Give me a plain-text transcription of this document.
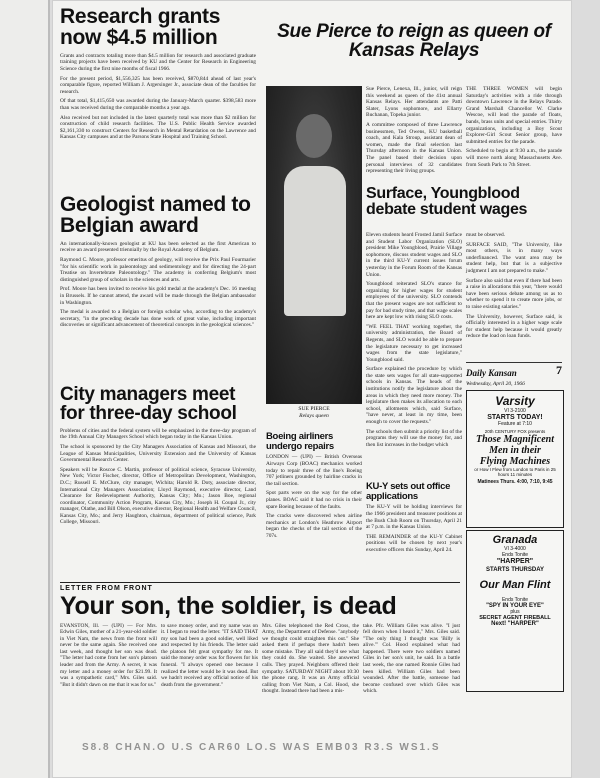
Research grants now $4.5 million

Grants and contracts totaling more than $4.5 million for research and associated graduate training projects have been received by KU and the Center for Research in Engineering Science during the first nine months of fiscal 1966.

For the present period, $1,556,325 has been received, $870,844 ahead of last year's comparable figure, reported William J. Argersinger Jr., associate dean of the faculties for research.

Of that total, $1,415,650 was awarded during the January-March quarter. $398,583 more than was received during the comparable months a year ago.

Also received but not included in the latest quarterly total was more than $2 million for construction of child research facilities. The U.S. Public Health Service awarded $2,161,330 to construct Centers for Research in Mental Retardation on the Lawrence and Kansas City campuses and at the Parsons State Hospital and Training School.

Geologist named to Belgian award

An internationally-known geologist at KU has been selected as the first American to receive an award presented triennially by the Royal Academy of Belgium.

Raymond C. Moore, professor emeritus of geology, will receive the Prix Paul Fourmarier "for his scientific work in paleontology and sedimentology and for directing the 24-part Treatise on Invertebrate Paleontology." The academy is conferring Belgium's most distinguished group of scholars in the sciences and arts.

Prof. Moore has been invited to receive his gold medal at the academy's Dec. 16 meeting in Brussels. If he cannot attend, the award will be made through the Belgian ambassador in Washington.

The medal is awarded to a Belgian or foreign scholar who, according to the academy's secretary, "in the preceding decade has done work of great value, including important discoveries or significant advancement of theoretical concepts in the geological sciences."

City managers meet for three-day school

Problems of cities and the federal system will be emphasized in the three-day program of the 19th Annual City Managers School which began today in the Kansas Union.

The school is sponsored by the City Managers Association of Kansas and Missouri, the League of Kansas Municipalities, University Extension and the University of Kansas Governmental Research Center.

Speakers will be Roscoe C. Martin, professor of political science, Syracuse University, New York; Victor Fischer, director, Office of Metropolitan Development, Washington, D.C.; Russell E. McClure, city manager, Wichita; Harold R. Doty, associate director, International City Managers Association; Lloyd Raymond, executive director, Land Clearance for Redevelopment Authority, Kansas City; Mo.; Jason Boe, regional coordinator, Community Action Program, Kansas City, Mo.; Joseph H. Coupal Jr., city manager, Olathe, and Bill Olson, executive director, Regional Health and Welfare Council, Kansas City, Mo.; and Jerry Haughton, chairman, department of political science, Park College, Missouri.

Sue Pierce to reign as queen of Kansas Relays
SUE PIERCE
Relays queen

Sue Pierce, Lenexa, Ill., junior, will reign this weekend as queen of the 41st annual Kansas Relays. Her attendants are Patti Slater, Lyons sophomore, and Ellarry Buchanan, Topeka junior.

A committee composed of three Lawrence businessmen, Ted Owens, KU basketball coach, and Kala Stroup, assistant dean of women, made the final selection last Thursday afternoon in the Kansas Union. The panel based their decision upon personal interviews of 32 candidates representing their living groups.

THE THREE WOMEN will begin Saturday's activities with a ride through downtown Lawrence in the Relays Parade. Grand Marshall Chancellor W. Clarke Wescoe, will lead the parade of floats, bands, brass units and special entries. Thirty organizations, including a Boy Scout Explorer-Girl Scout Senior group, have submitted entries for the parade.

Scheduled to begin at 9:30 a.m., the parade will move north along Massachusetts Ave. from South Park to 7th Street.

Surface, Youngblood debate student wages

Eleven students heard Frosted Jamil Surface and Student Labor Organization (SLO) president Mike Youngblood, Prairie Village sophomore, discuss student wages and SLO in the third KU-Y current issues forum yesterday in the Forum Room of the Kansas Union.

Youngblood reiterated SLO's stance for organizing for higher wages for student employees of the university. SLO contends that the present wages are not sufficient to pay for bad study time, and that wage scales here are kept low with rising SLO costs.

"WE FEEL THAT working together, the university administration, the Board of Regents, and SLO would be able to prepare the legislature necessary to get increased wages from the state legislature," Youngblood said.

Surface explained the procedure by which the state sets wages for all state-supported schools in Kansas. The heads of the institutions notify the legislature about the areas in which they need more money. The legislature then makes its allocation to each school, allotments which, said Surface, "have never, at least in my time, been enough to cover the requests."

The schools then submit a priority list of the programs they will use the money for, and then list increases in the budget which

must be observed.

SURFACE SAID, "The University, like most others, is in many ways underfinanced. The want area may be student help, but that is a subjective judgment I am not prepared to make."

Surface also said that even if there had been a raise in allocations this year, "there would have been serious debate among us as to whether to spend it to create more jobs, or to raise existing salaries."

The University, however, Surface said, is officially interested in a higher wage scale for student help because it would greatly reduce the load on loan funds.

Daily Kansan	7
Wednesday, April 20, 1966

Varsity

VI 3-2100

STARTS TODAY!

Feature at 7:10

20th CENTURY FOX presents

Those Magnificent

Men in their

Flying Machines

or How I Flew from London to Paris in 25 hours 11 minutes

Matinees Thurs. 4:00, 7:10, 9:45

Granada

VI 3-4000

Ends Tonite

"HARPER"

STARTS THURSDAY

Our Man Flint

Ends Tonite

"SPY IN YOUR EYE"

plus

SECRET AGENT FIREBALL

Next! "HARPER"

Boeing airliners undergo repairs

LONDON — (UPI) — British Overseas Airways Corp (BOAC) mechanics worked today to repair three of the line's Boeing 707 jetliners grounded by hairline cracks in the tail section.

Spot parts were on the way for the other planes. BOAC said it had no crisis in their spare Boeing because of the faults.

The cracks were discovered when airline mechanics at London's Heathrow Airport began the checks of the tail section of the 707s.

KU-Y sets out office applications

The KU-Y will be holding interviews for the 1966 president and treasurer positions at the Bush Club Room on Thursday, April 21 at 7 p.m. in the Kansas Union.

THE REMAINDER of the KU-Y Cabinet positions will be chosen by next year's executive officers this Sunday, April 24.

LETTER FROM FRONT
Your son, the soldier, is dead

EVANSTON, Ill. — (UPI) — For Mrs. Edwin Giles, mother of a 21-year-old soldier in Viet Nam, the news from the front will never be the same again. She received one last week, and thought her son was dead. "The letter had come from her son's platoon leader and from the Army. A secret, it was my letter and a money order for $21.99. It was a sympathetic card," Mrs. Giles said. "But it didn't dawn on me that it was for us."

to save money order, and my name was on it. I began to read the letter. "IT SAID THAT my son had been a good soldier, well liked and respected by his friends. The letter said the platoon felt great sympathy for me. It said the money order was for flowers for his funeral. "I always opened one because I realized the letter would be it was dead. But we hadn't received any official notice of his death from the government."

Mrs. Giles telephoned the Red Cross, the Army, the Department of Defense. "anybody we thought could straighten this out." She asked them if perhaps there hadn't been some mistake. They all said they'd see what they could do. She waited. She answered calls. They prayed. Neighbors offered their sympathy. SATURDAY NIGHT about 10:30 the phone rang. It was an Army official calling from Viet Nam, a Col. Hood, she thought. Instead there had been a mis-

take. Pfc. William Giles was alive. "I just fell down when I heard it," Mrs. Giles said. "The only thing I thought was 'Billy is alive.'" Col. Hood explained what had happened. There were two soldiers named Giles in her son's unit, he said. In a battle last week, the one named Ronnie Giles had been killed. William Giles had been wounded. After the battle, someone had become confused over which Giles was which.

S8.8 CHAN.O U.S CAR60 LO.S WAS EMB03 R3.S WS1.S
